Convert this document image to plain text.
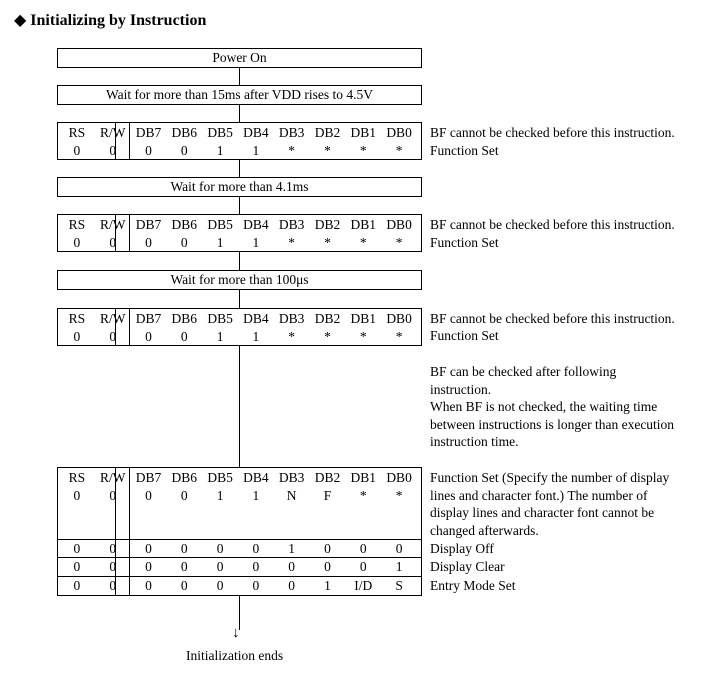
◆ Initializing by Instruction
Power On
Wait for more than 15ms after VDD rises to 4.5V
RS	R/W DB7 DB6 DB5 DB4 DB3 DB2 DB1 DB0
0	0	0	0	1	1	*	*	*	*
BF cannot be checked before this instruction.
Function Set
Wait for more than 4.1ms
RS	R/W DB7 DB6 DB5 DB4 DB3 DB2 DB1 DB0
0	0	0	0	1	1	*	*	*	*
BF cannot be checked before this instruction.
Function Set
Wait for more than 100μs
RS	R/W DB7 DB6 DB5 DB4 DB3 DB2 DB1 DB0
0	0	0	0	1	1	*	*	*	*
BF cannot be checked before this instruction.
Function Set
BF can be checked after following
instruction.
When BF is not checked, the waiting time
between instructions is longer than execution
instruction time.
RS	R/W DB7 DB6 DB5 DB4 DB3 DB2 DB1 DB0
0	0	0	0	1	1	N	F	*	*
0	0	0	0	0	0	1	0	0	0
0	0	0	0	0	0	0	0	0	1
0	0	0	0	0	0	0	1	I/D	S
Function Set (Specify the number of display
lines and character font.) The number of
display lines and character font cannot be
changed afterwards.
Display Off
Display Clear
Entry Mode Set
↓
Initialization ends
